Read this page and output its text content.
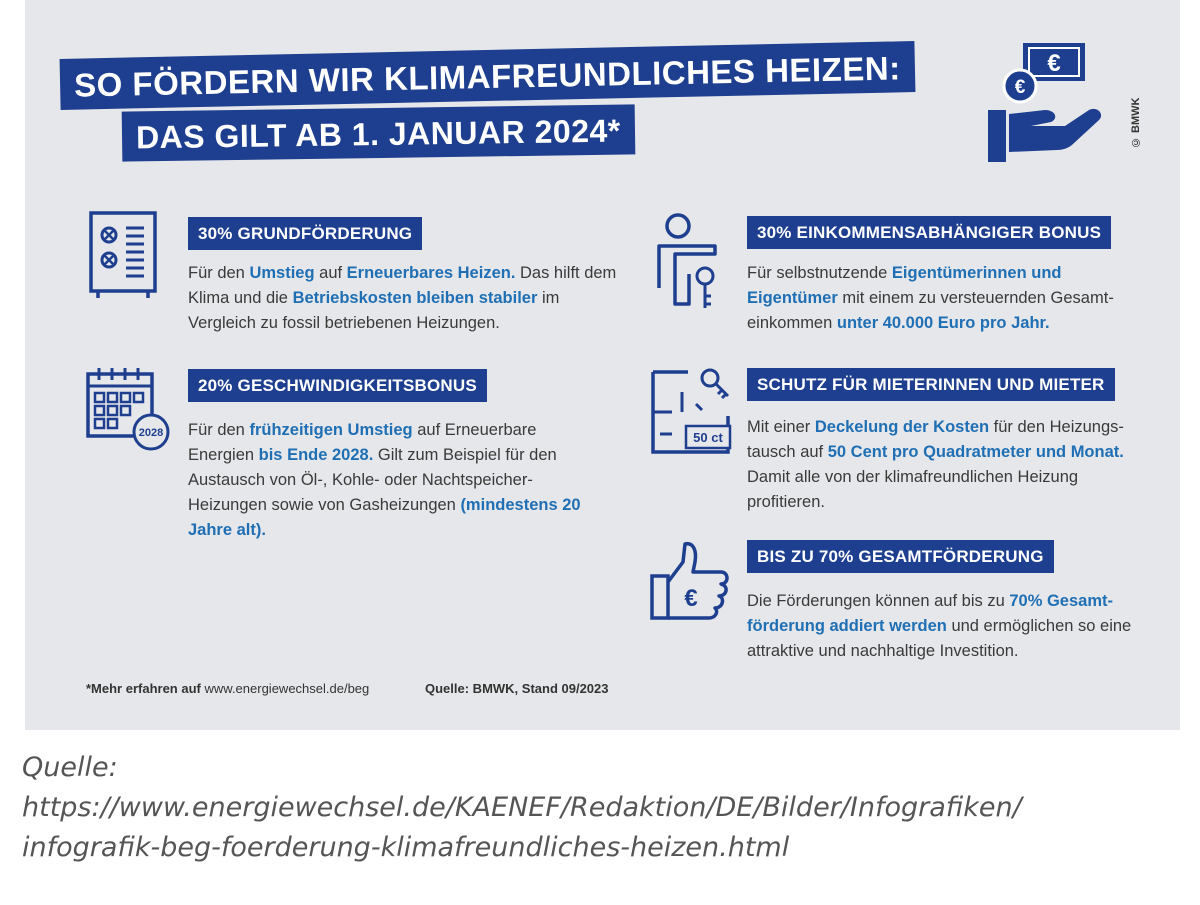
SO FÖRDERN WIR KLIMAFREUNDLICHES HEIZEN:
DAS GILT AB 1. JANUAR 2024*
€
€
© BMWK
30% GRUNDFÖRDERUNG
Für den Umstieg auf Erneuerbares Heizen. Das hilft dem Klima und die Betriebskosten bleiben stabiler im Vergleich zu fossil betriebenen Heizungen.
2028
20% GESCHWINDIGKEITSBONUS
Für den frühzeitigen Umstieg auf Erneuerbare Energien bis Ende 2028. Gilt zum Beispiel für den Austausch von Öl-, Kohle- oder Nachtspeicher-Heizungen sowie von Gasheizungen (mindestens 20 Jahre alt).
30% EINKOMMENSABHÄNGIGER BONUS
Für selbstnutzende Eigentümerinnen und Eigentümer mit einem zu versteuernden Gesamt-einkommen unter 40.000 Euro pro Jahr.
50 ct
SCHUTZ FÜR MIETERINNEN UND MIETER
Mit einer Deckelung der Kosten für den Heizungs-tausch auf 50 Cent pro Quadratmeter und Monat. Damit alle von der klimafreundlichen Heizung profitieren.
€
BIS ZU 70% GESAMTFÖRDERUNG
Die Förderungen können auf bis zu 70% Gesamt-förderung addiert werden und ermöglichen so eine attraktive und nachhaltige Investition.
*Mehr erfahren auf www.energiewechsel.de/beg	Quelle: BMWK, Stand 09/2023
Quelle:
https://www.energiewechsel.de/KAENEF/Redaktion/DE/Bilder/Infografiken/
infografik-beg-foerderung-klimafreundliches-heizen.html
